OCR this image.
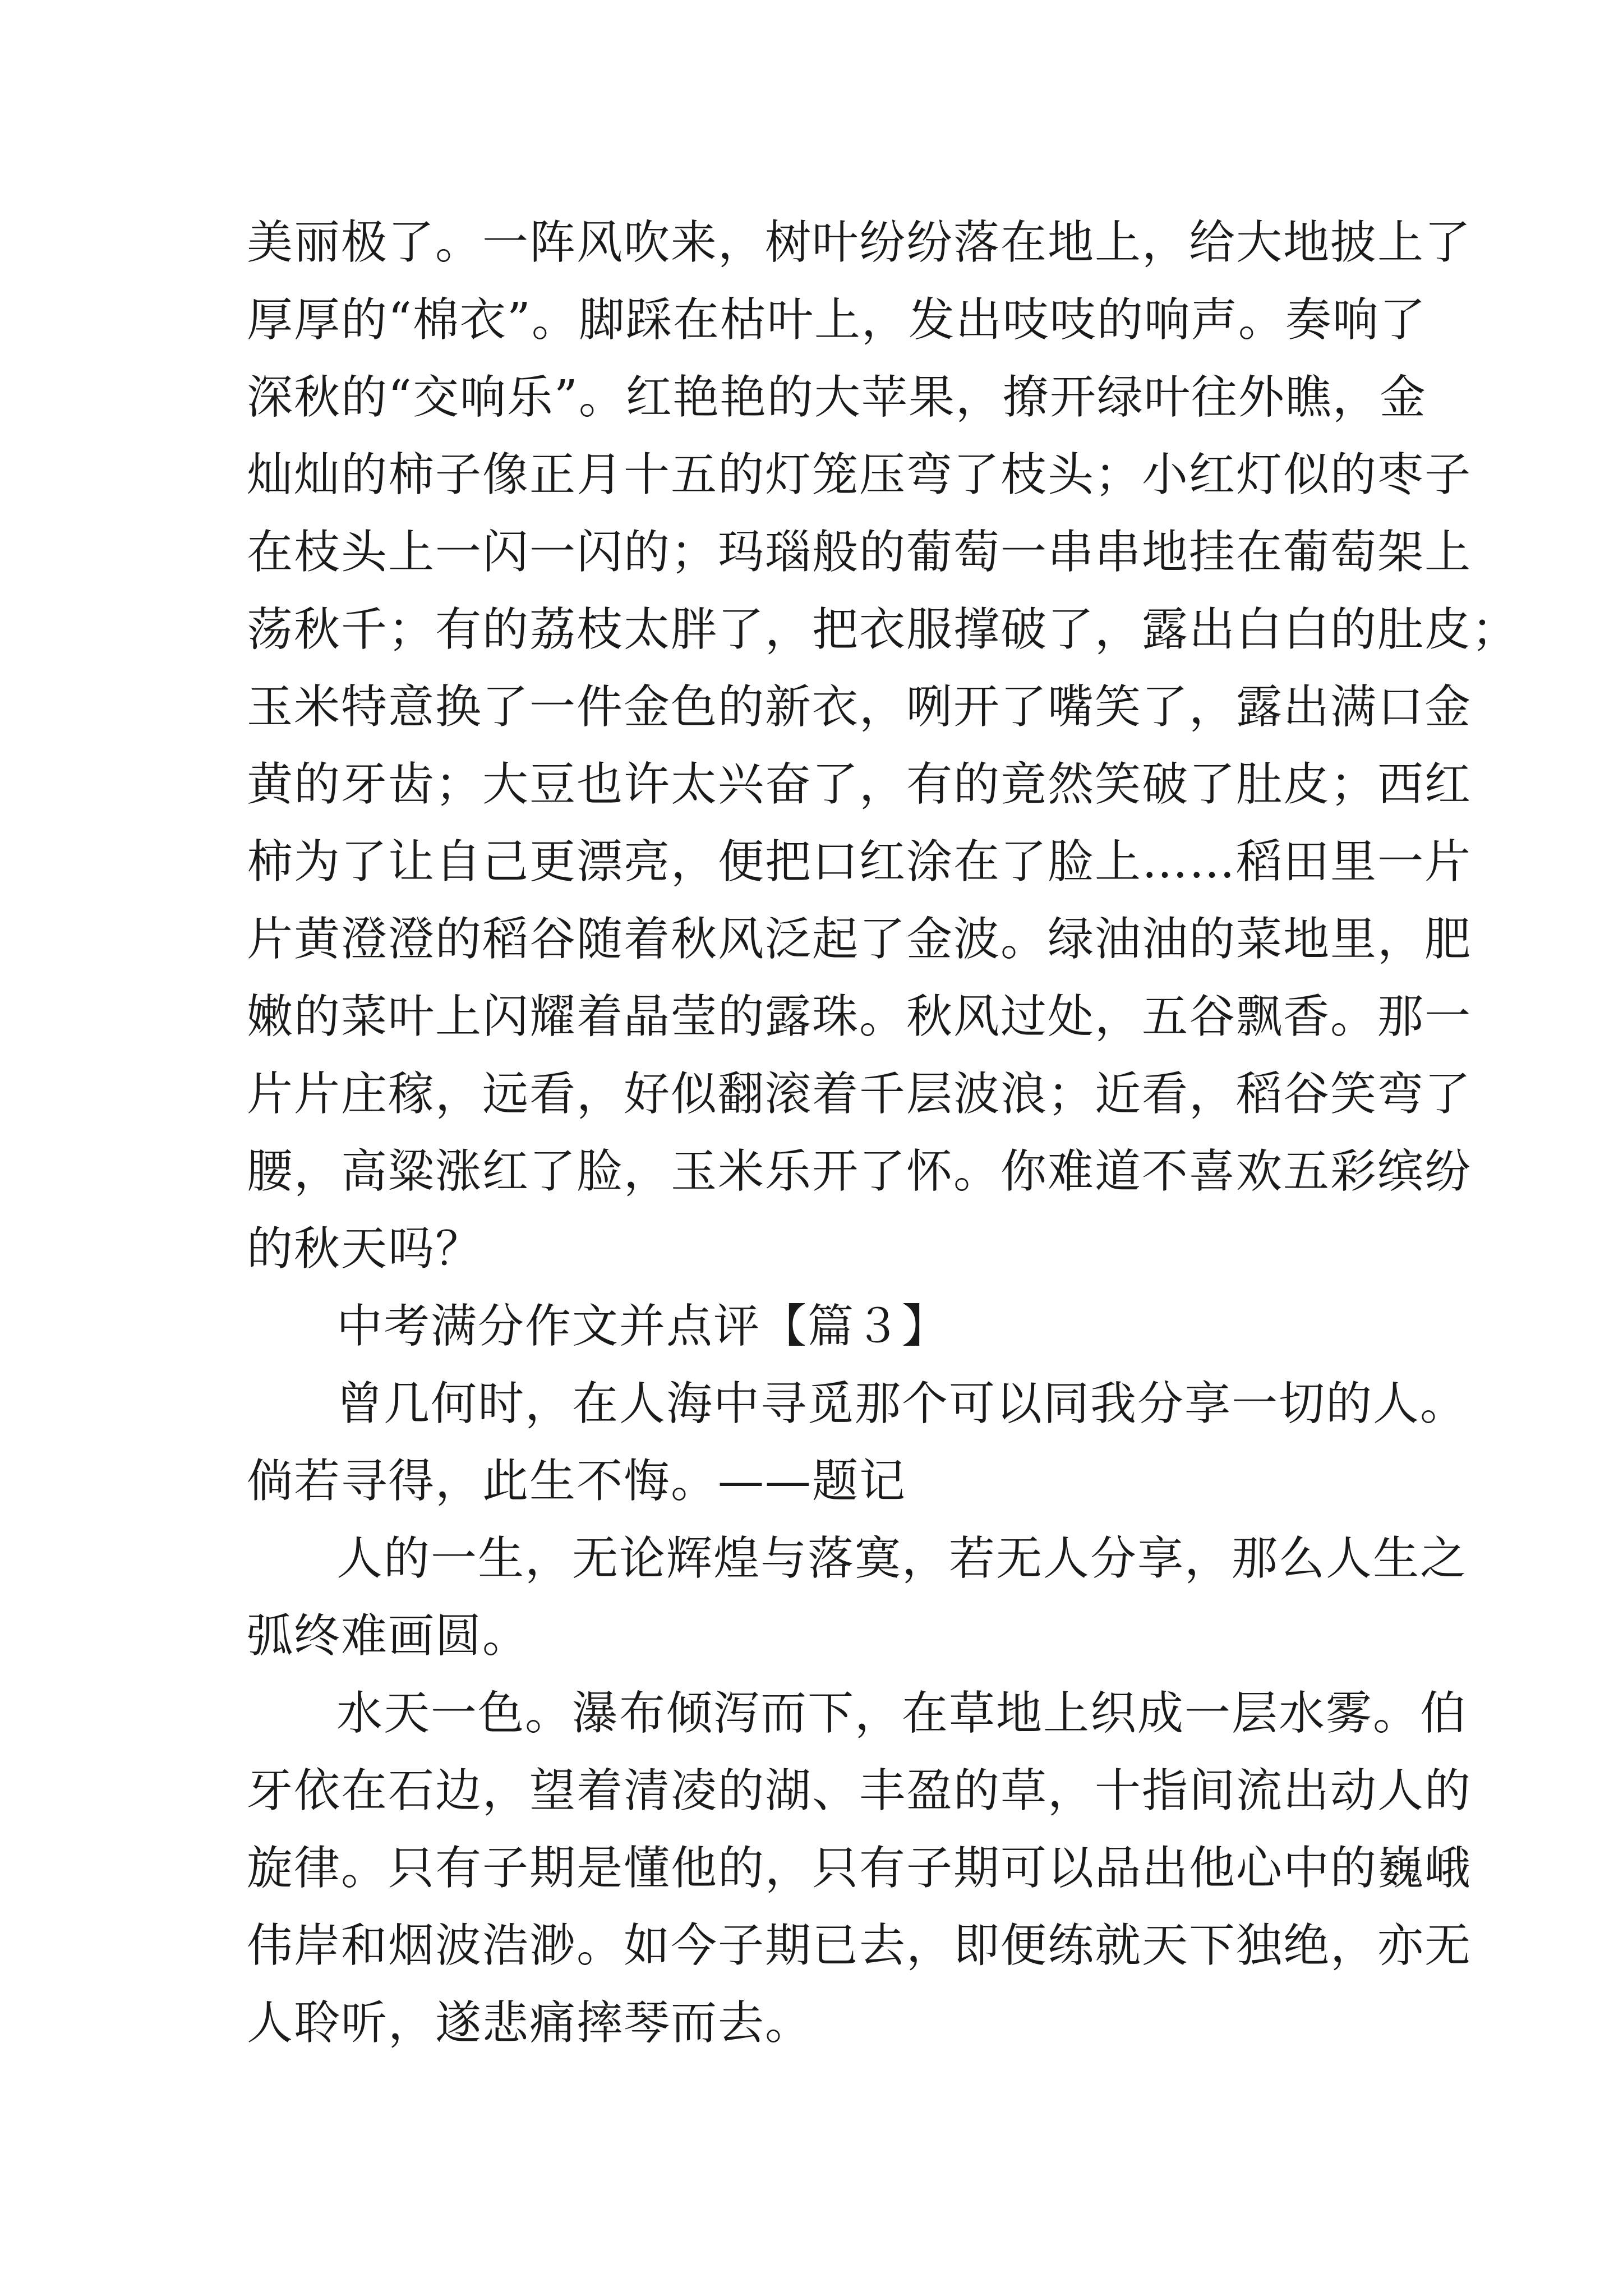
美丽极了。一阵风吹来，树叶纷纷落在地上，给大地披上了
厚厚的“棉衣”。脚踩在枯叶上，发出吱吱的响声。奏响了
深秋的“交响乐”。红艳艳的大苹果，撩开绿叶往外瞧，金
灿灿的柿子像正月十五的灯笼压弯了枝头；小红灯似的枣子
在枝头上一闪一闪的；玛瑙般的葡萄一串串地挂在葡萄架上
荡秋千；有的荔枝太胖了，把衣服撑破了，露出白白的肚皮；
玉米特意换了一件金色的新衣，咧开了嘴笑了，露出满口金
黄的牙齿；大豆也许太兴奋了，有的竟然笑破了肚皮；西红
柿为了让自己更漂亮，便把口红涂在了脸上……稻田里一片
片黄澄澄的稻谷随着秋风泛起了金波。绿油油的菜地里，肥
嫩的菜叶上闪耀着晶莹的露珠。秋风过处，五谷飘香。那一
片片庄稼，远看，好似翻滚着千层波浪；近看，稻谷笑弯了
腰，高粱涨红了脸，玉米乐开了怀。你难道不喜欢五彩缤纷
的秋天吗？
中考满分作文并点评【篇３】
曾几何时，在人海中寻觅那个可以同我分享一切的人。
倘若寻得，此生不悔。——题记
人的一生，无论辉煌与落寞，若无人分享，那么人生之
弧终难画圆。
水天一色。瀑布倾泻而下，在草地上织成一层水雾。伯
牙依在石边，望着清凌的湖、丰盈的草，十指间流出动人的
旋律。只有子期是懂他的，只有子期可以品出他心中的巍峨
伟岸和烟波浩渺。如今子期已去，即便练就天下独绝，亦无
人聆听，遂悲痛摔琴而去。
